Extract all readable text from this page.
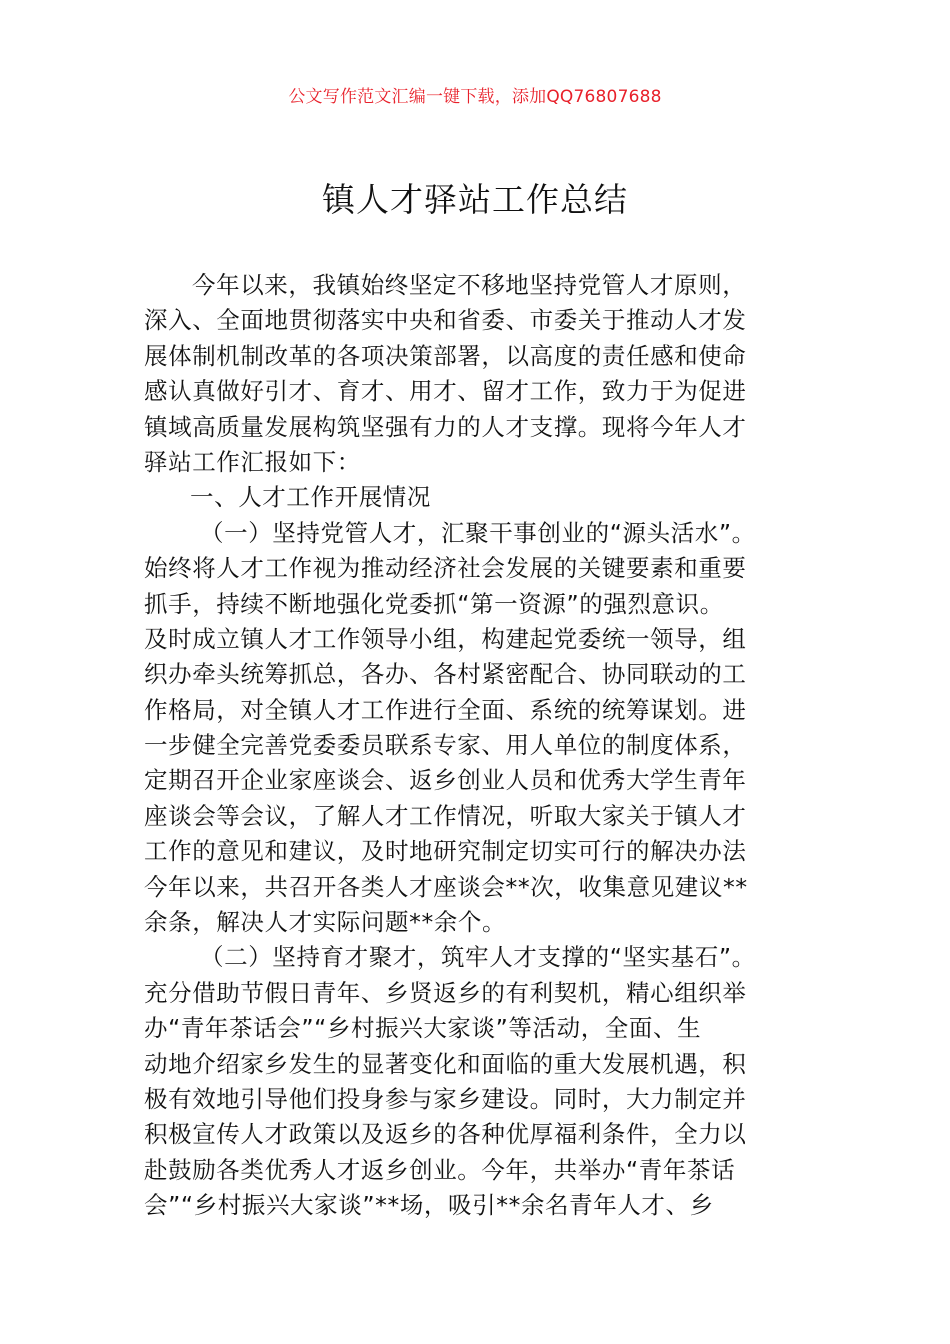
公文写作范文汇编一键下载，添加QQ76807688
镇人才驿站工作总结
今年以来，我镇始终坚定不移地坚持党管人才原则，
深入、全面地贯彻落实中央和省委、市委关于推动人才发
展体制机制改革的各项决策部署，以高度的责任感和使命
感认真做好引才、育才、用才、留才工作，致力于为促进
镇域高质量发展构筑坚强有力的人才支撑。现将今年人才
驿站工作汇报如下：
一、人才工作开展情况
（一）坚持党管人才，汇聚干事创业的“源头活水”。
始终将人才工作视为推动经济社会发展的关键要素和重要
抓手，持续不断地强化党委抓“第一资源”的强烈意识。
及时成立镇人才工作领导小组，构建起党委统一领导，组
织办牵头统筹抓总，各办、各村紧密配合、协同联动的工
作格局，对全镇人才工作进行全面、系统的统筹谋划。进
一步健全完善党委委员联系专家、用人单位的制度体系，
定期召开企业家座谈会、返乡创业人员和优秀大学生青年
座谈会等会议，了解人才工作情况，听取大家关于镇人才
工作的意见和建议，及时地研究制定切实可行的解决办法
今年以来，共召开各类人才座谈会**次，收集意见建议**
余条，解决人才实际问题**余个。
（二）坚持育才聚才，筑牢人才支撑的“坚实基石”。
充分借助节假日青年、乡贤返乡的有利契机，精心组织举
办“青年茶话会”“乡村振兴大家谈”等活动，全面、生
动地介绍家乡发生的显著变化和面临的重大发展机遇，积
极有效地引导他们投身参与家乡建设。同时，大力制定并
积极宣传人才政策以及返乡的各种优厚福利条件，全力以
赴鼓励各类优秀人才返乡创业。今年，共举办“青年茶话
会”“乡村振兴大家谈”**场，吸引**余名青年人才、乡
